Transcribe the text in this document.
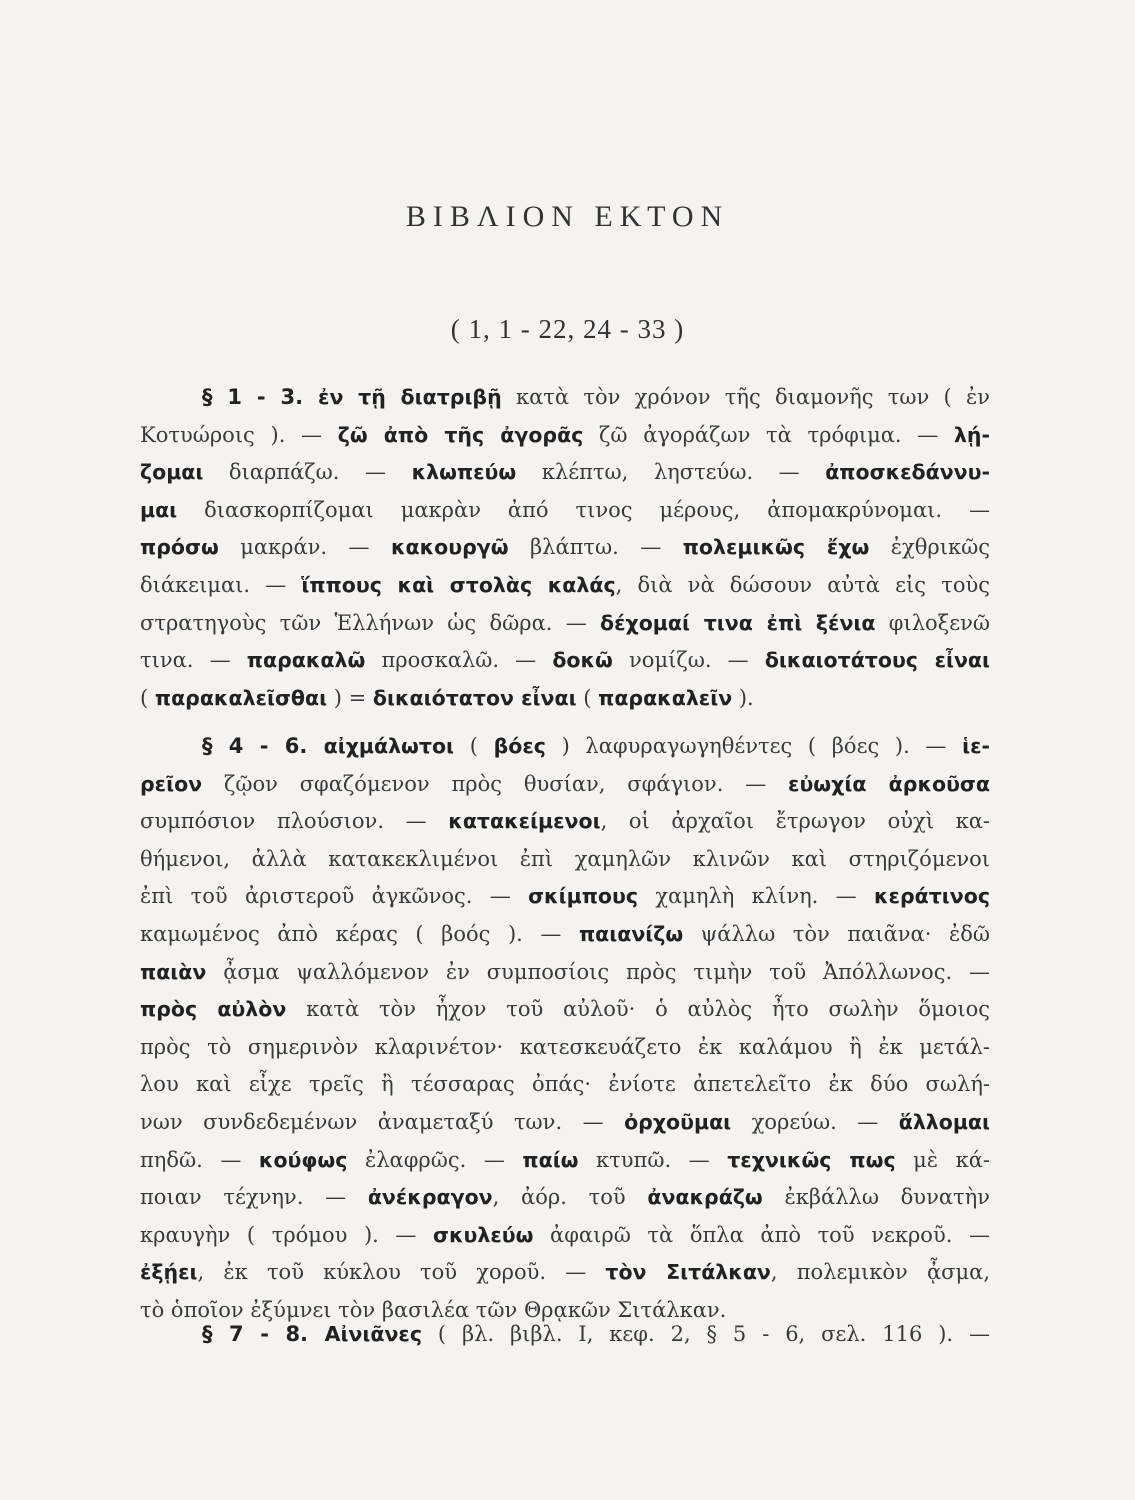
ΒΙΒΛΙΟΝ ΕΚΤΟΝ
( 1, 1 - 22, 24 - 33 )
§ 1 - 3. ἐν τῇ διατριβῇ κατὰ τὸν χρόνον τῆς διαμονῆς των ( ἐν
Κοτυώροις ). — ζῶ ἀπὸ τῆς ἀγορᾶς ζῶ ἀγοράζων τὰ τρόφιμα. — λῄ-
ζομαι διαρπάζω. — κλωπεύω κλέπτω, ληστεύω. — ἀποσκεδάννυ-
μαι διασκορπίζομαι μακρὰν ἀπό τινος μέρους, ἀπομακρύνομαι. —
πρόσω μακράν. — κακουργῶ βλάπτω. — πολεμικῶς ἔχω ἐχθρικῶς
διάκειμαι. — ἵππους καὶ στολὰς καλάς, διὰ νὰ δώσουν αὐτὰ εἰς τοὺς
στρατηγοὺς τῶν Ἑλλήνων ὡς δῶρα. — δέχομαί τινα ἐπὶ ξένια φιλοξενῶ
τινα. — παρακαλῶ προσκαλῶ. — δοκῶ νομίζω. — δικαιοτάτους εἶναι
( παρακαλεῖσθαι ) = δικαιότατον εἶναι ( παρακαλεῖν ).
§ 4 - 6. αἰχμάλωτοι ( βόες ) λαφυραγωγηθέντες ( βόες ). — ἱε-
ρεῖον ζῷον σφαζόμενον πρὸς θυσίαν, σφάγιον. — εὐωχία ἀρκοῦσα
συμπόσιον πλούσιον. — κατακείμενοι, οἱ ἀρχαῖοι ἔτρωγον οὐχὶ κα-
θήμενοι, ἀλλὰ κατακεκλιμένοι ἐπὶ χαμηλῶν κλινῶν καὶ στηριζόμενοι
ἐπὶ τοῦ ἀριστεροῦ ἀγκῶνος. — σκίμπους χαμηλὴ κλίνη. — κεράτινος
καμωμένος ἀπὸ κέρας ( βοός ). — παιανίζω ψάλλω τὸν παιᾶνα· ἐδῶ
παιὰν ᾆσμα ψαλλόμενον ἐν συμποσίοις πρὸς τιμὴν τοῦ Ἀπόλλωνος. —
πρὸς αὐλὸν κατὰ τὸν ἦχον τοῦ αὐλοῦ· ὁ αὐλὸς ἦτο σωλὴν ὅμοιος
πρὸς τὸ σημερινὸν κλαρινέτον· κατεσκευάζετο ἐκ καλάμου ἢ ἐκ μετάλ-
λου καὶ εἶχε τρεῖς ἢ τέσσαρας ὀπάς· ἐνίοτε ἀπετελεῖτο ἐκ δύο σωλή-
νων συνδεδεμένων ἀναμεταξύ των. — ὀρχοῦμαι χορεύω. — ἅλλομαι
πηδῶ. — κούφως ἐλαφρῶς. — παίω κτυπῶ. — τεχνικῶς πως μὲ κά-
ποιαν τέχνην. — ἀνέκραγον, ἀόρ. τοῦ ἀνακράζω ἐκβάλλω δυνατὴν
κραυγὴν ( τρόμου ). — σκυλεύω ἀφαιρῶ τὰ ὅπλα ἀπὸ τοῦ νεκροῦ. —
ἐξῄει, ἐκ τοῦ κύκλου τοῦ χοροῦ. — τὸν Σιτάλκαν, πολεμικὸν ᾆσμα,
τὸ ὁποῖον ἐξύμνει τὸν βασιλέα τῶν Θρᾳκῶν Σιτάλκαν.
§ 7 - 8. Αἰνιᾶνες ( βλ. βιβλ. Ι, κεφ. 2, § 5 - 6, σελ. 116 ). —
